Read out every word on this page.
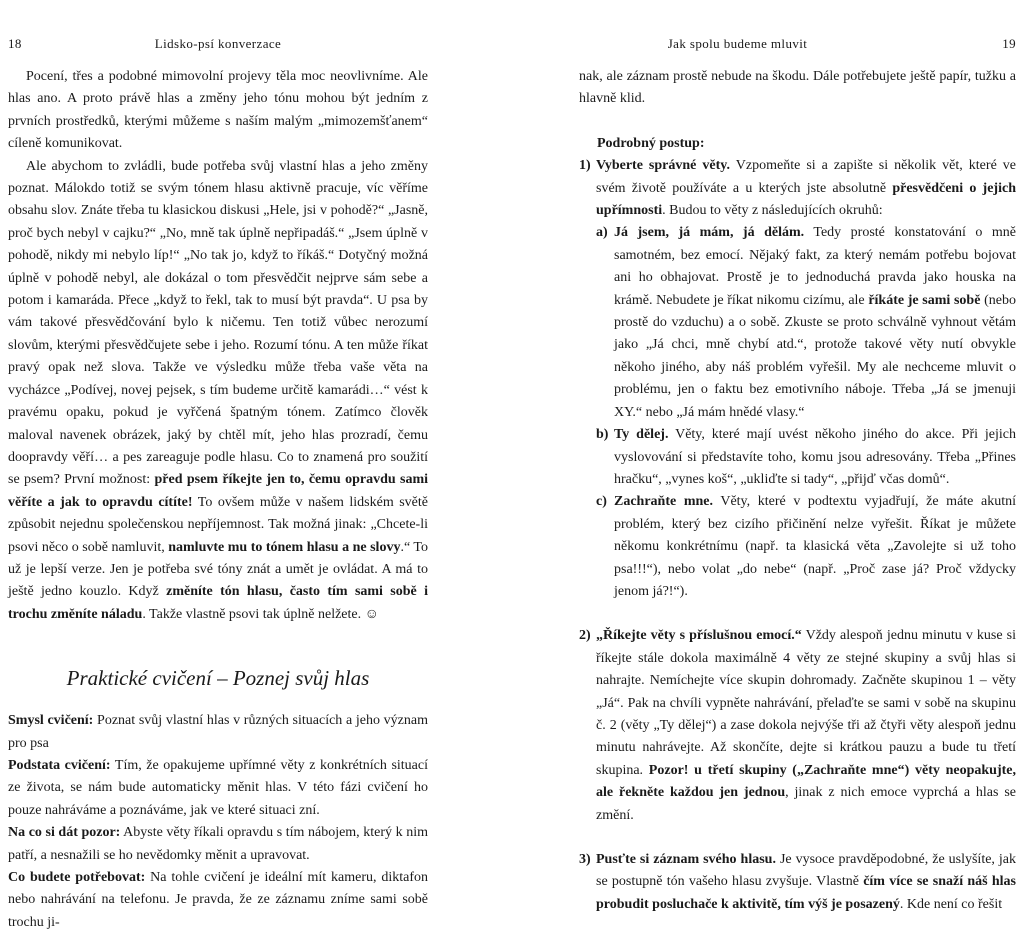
18	Lidsko-psí konverzace

Pocení, třes a podobné mimovolní projevy těla moc neovlivníme. Ale hlas ano. A proto právě hlas a změny jeho tónu mohou být jedním z prvních prostředků, kterými můžeme s naším malým „mimozemšťanem“ cíleně komunikovat.

Ale abychom to zvládli, bude potřeba svůj vlastní hlas a jeho změny poznat. Málokdo totiž se svým tónem hlasu aktivně pracuje, víc věříme obsahu slov. Znáte třeba tu klasickou diskusi „Hele, jsi v pohodě?“ „Jasně, proč bych nebyl v cajku?“ „No, mně tak úplně nepřipadáš.“ „Jsem úplně v pohodě, nikdy mi nebylo líp!“ „No tak jo, když to říkáš.“ Dotyčný možná úplně v pohodě nebyl, ale dokázal o tom přesvědčit nejprve sám sebe a potom i kamaráda. Přece „když to řekl, tak to musí být pravda“. U psa by vám takové přesvědčování bylo k ničemu. Ten totiž vůbec nerozumí slovům, kterými přesvědčujete sebe i jeho. Rozumí tónu. A ten může říkat pravý opak než slova. Takže ve výsledku může třeba vaše věta na vycházce „Podívej, novej pejsek, s tím budeme určitě kamarádi…“ vést k pravému opaku, pokud je vyřčená špatným tónem. Zatímco člověk maloval navenek obrázek, jaký by chtěl mít, jeho hlas prozradí, čemu doopravdy věří… a pes zareaguje podle hlasu. Co to znamená pro soužití se psem? První možnost: před psem říkejte jen to, čemu opravdu sami věříte a jak to opravdu cítíte! To ovšem může v našem lidském světě způsobit nejednu společenskou nepříjemnost. Tak možná jinak: „Chcete-li psovi něco o sobě namluvit, namluvte mu to tónem hlasu a ne slovy.“ To už je lepší verze. Jen je potřeba své tóny znát a umět je ovládat. A má to ještě jedno kouzlo. Když změníte tón hlasu, často tím sami sobě i trochu změníte náladu. Takže vlastně psovi tak úplně nelžete. ☺

Praktické cvičení – Poznej svůj hlas

Smysl cvičení: Poznat svůj vlastní hlas v různých situacích a jeho význam pro psa

Podstata cvičení: Tím, že opakujeme upřímné věty z konkrétních situací ze života, se nám bude automaticky měnit hlas. V této fázi cvičení ho pouze nahráváme a poznáváme, jak ve které situaci zní.

Na co si dát pozor: Abyste věty říkali opravdu s tím nábojem, který k nim patří, a nesnažili se ho nevědomky měnit a upravovat.

Co budete potřebovat: Na tohle cvičení je ideální mít kameru, diktafon nebo nahrávání na telefonu. Je pravda, že ze záznamu zníme sami sobě trochu ji-

Jak spolu budeme mluvit	19

nak, ale záznam prostě nebude na škodu. Dále potřebujete ještě papír, tužku a hlavně klid.

Podrobný postup:

1) Vyberte správné věty. Vzpomeňte si a zapište si několik vět, které ve svém životě používáte a u kterých jste absolutně přesvědčeni o jejich upřímnosti. Budou to věty z následujících okruhů:

a) Já jsem, já mám, já dělám. Tedy prosté konstatování o mně samotném, bez emocí. Nějaký fakt, za který nemám potřebu bojovat ani ho obhajovat. Prostě je to jednoduchá pravda jako houska na krámě. Nebudete je říkat nikomu cizímu, ale říkáte je sami sobě (nebo prostě do vzduchu) a o sobě. Zkuste se proto schválně vyhnout větám jako „Já chci, mně chybí atd.“, protože takové věty nutí obvykle někoho jiného, aby náš problém vyřešil. My ale nechceme mluvit o problému, jen o faktu bez emotivního náboje. Třeba „Já se jmenuji XY.“ nebo „Já mám hnědé vlasy.“

b) Ty dělej. Věty, které mají uvést někoho jiného do akce. Při jejich vyslovování si představíte toho, komu jsou adresovány. Třeba „Přines hračku“, „vynes koš“, „ukliďte si tady“, „přijď včas domů“.

c) Zachraňte mne. Věty, které v podtextu vyjadřují, že máte akutní problém, který bez cizího přičinění nelze vyřešit. Říkat je můžete někomu konkrétnímu (např. ta klasická věta „Zavolejte si už toho psa!!!“), nebo volat „do nebe“ (např. „Proč zase já? Proč vždycky jenom já?!“).

2) „Říkejte věty s příslušnou emocí.“ Vždy alespoň jednu minutu v kuse si říkejte stále dokola maximálně 4 věty ze stejné skupiny a svůj hlas si nahrajte. Nemíchejte více skupin dohromady. Začněte skupinou 1 – věty „Já“. Pak na chvíli vypněte nahrávání, přelaďte se sami v sobě na skupinu č. 2 (věty „Ty dělej“) a zase dokola nejvýše tři až čtyři věty alespoň jednu minutu nahrávejte. Až skončíte, dejte si krátkou pauzu a bude tu třetí skupina. Pozor! u třetí skupiny („Zachraňte mne“) věty neopakujte, ale řekněte každou jen jednou, jinak z nich emoce vyprchá a hlas se změní.

3) Pusťte si záznam svého hlasu. Je vysoce pravděpodobné, že uslyšíte, jak se postupně tón vašeho hlasu zvyšuje. Vlastně čím více se snaží náš hlas probudit posluchače k aktivitě, tím výš je posazený. Kde není co řešit
